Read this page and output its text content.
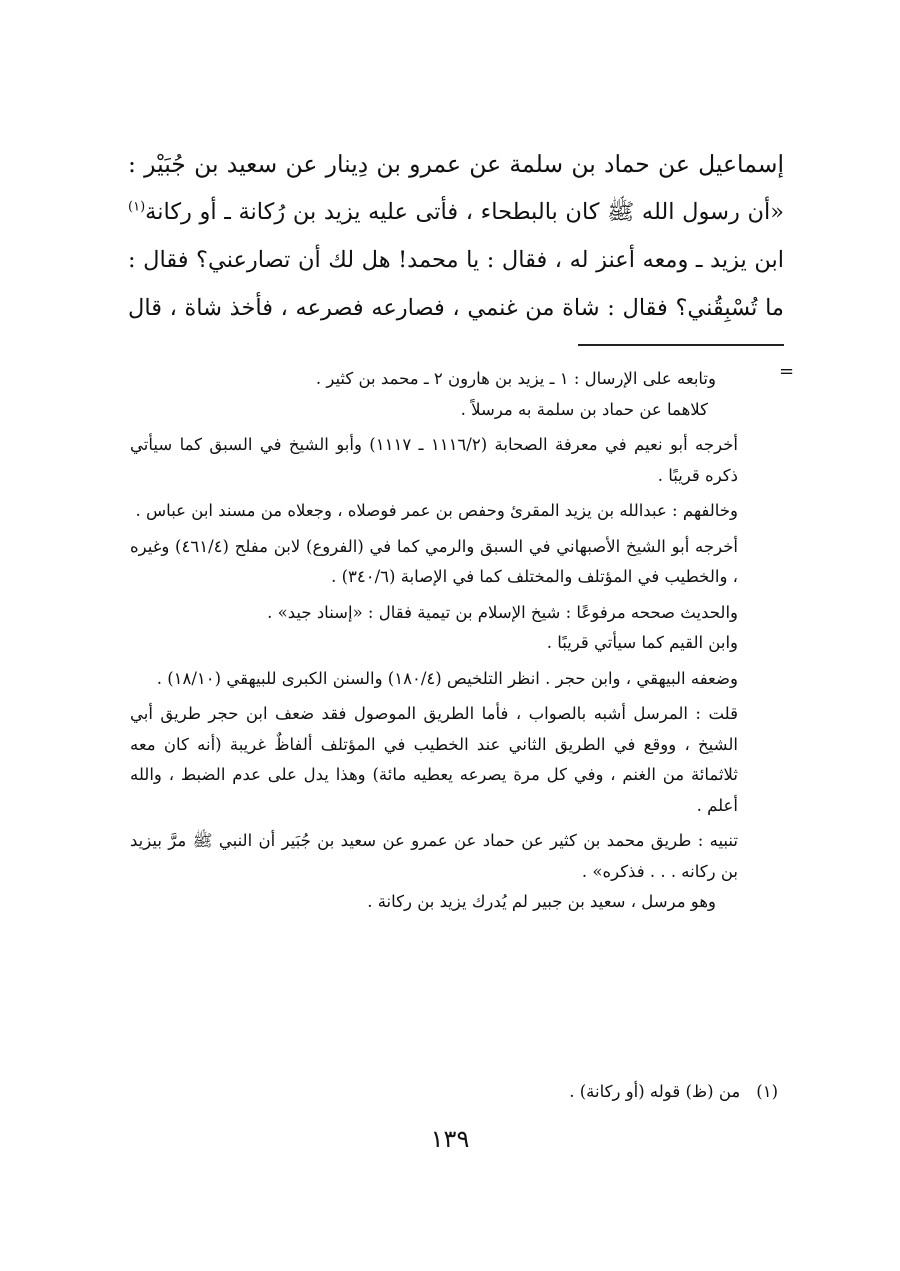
إسماعيل عن حماد بن سلمة عن عمرو بن دِينار عن سعيد بن جُبَيْر :
«أن رسول الله ﷺ كان بالبطحاء ، فأتى عليه يزيد بن رُكانة ـ أو ركانة$^{(١)}$
ابن يزيد ـ ومعه أعنز له ، فقال : يا محمد! هل لك أن تصارعني؟ فقال :
ما تُسْبِقُني؟ فقال : شاة من غنمي ، فصارعه فصرعه ، فأخذ شاة ، قال
=

وتابعه على الإرسال : ١ ـ يزيد بن هارون ٢ ـ محمد بن كثير .

كلاهما عن حماد بن سلمة به مرسلاً .

أخرجه أبو نعيم في معرفة الصحابة (١١١٦/٢ ـ ١١١٧) وأبو الشيخ في السبق كما سيأتي ذكره قريبًا .

وخالفهم : عبدالله بن يزيد المقرئ وحفص بن عمر فوصلاه ، وجعلاه من مسند ابن عباس .

أخرجه أبو الشيخ الأصبهاني في السبق والرمي كما في (الفروع) لابن مفلح (٤٦١/٤) وغيره ، والخطيب في المؤتلف والمختلف كما في الإصابة (٣٤٠/٦) .

والحديث صححه مرفوعًا : شيخ الإسلام بن تيمية فقال : «إسناد جيد» .

وابن القيم كما سيأتي قريبًا .

وضعفه البيهقي ، وابن حجر . انظر التلخيص (١٨٠/٤) والسنن الكبرى للبيهقي (١٨/١٠) .

قلت : المرسل أشبه بالصواب ، فأما الطريق الموصول فقد ضعف ابن حجر طريق أبي الشيخ ، ووقع في الطريق الثاني عند الخطيب في المؤتلف ألفاظٌ غريبة (أنه كان معه ثلاثمائة من الغنم ، وفي كل مرة يصرعه يعطيه مائة) وهذا يدل على عدم الضبط ، والله أعلم .

تنبيه : طريق محمد بن كثير عن حماد عن عمرو عن سعيد بن جُبَير أن النبي ﷺ مرَّ بيزيد بن ركانه . . . فذكره» .

وهو مرسل ، سعيد بن جبير لم يُدرك يزيد بن ركانة .

(١)من (ظ) قوله (أو ركانة) .
١٣٩
